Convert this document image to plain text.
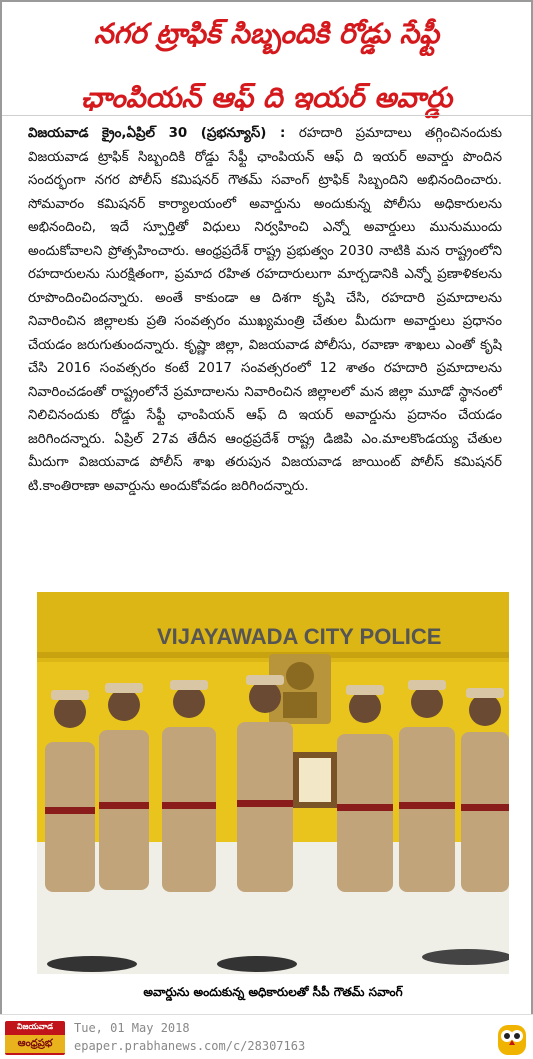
నగర ట్రాఫిక్ సిబ్బందికి రోడ్డు సేఫ్టీ
ఛాంపియన్ ఆఫ్ ది ఇయర్ అవార్డు
విజయవాడ క్రైం,ఏప్రిల్ 30 (ప్రభన్యూస్) : రహదారి ప్రమాదాలు తగ్గించినందుకు విజయవాడ ట్రాఫిక్ సిబ్బందికి రోడ్డు సేఫ్టీ ఛాంపియన్ ఆఫ్ ది ఇయర్ అవార్డు పొందిన సందర్భంగా నగర పోలీస్ కమిషనర్ గౌతమ్ సవాంగ్ ట్రాఫిక్ సిబ్బందిని అభినందించారు. సోమవారం కమిషనర్ కార్యాలయంలో అవార్డును అందుకున్న పోలీసు అధికారులను అభినందించి, ఇదే స్పూర్తితో విధులు నిర్వహించి ఎన్నో అవార్డులు మునుముందు అందుకోవాలని ప్రోత్సహించారు. ఆంధ్రప్రదేశ్ రాష్ట్ర ప్రభుత్వం 2030 నాటికి మన రాష్ట్రంలోని రహదారులను సురక్షితంగా, ప్రమాద రహిత రహదారులుగా మార్చడానికి ఎన్నో ప్రణాళికలను రూపొందించిందన్నారు. అంతే కాకుండా ఆ దిశగా కృషి చేసి, రహదారి ప్రమాదాలను నివారించిన జిల్లాలకు ప్రతి సంవత్సరం ముఖ్యమంత్రి చేతుల మీదుగా అవార్డులు ప్రధానం చేయడం జరుగుతుందన్నారు. కృష్ణా జిల్లా, విజయవాడ పోలీసు, రవాణా శాఖలు ఎంతో కృషి చేసి 2016 సంవత్సరం కంటే 2017 సంవత్సరంలో 12 శాతం రహదారి ప్రమాదాలను నివారించడంతో రాష్ట్రంలోనే ప్రమాదాలను నివారించిన జిల్లాలలో మన జిల్లా మూడో స్థానంలో నిలిచినందుకు రోడ్డు సేఫ్టీ ఛాంపియన్ ఆఫ్ ది ఇయర్ అవార్డును ప్రదానం చేయడం జరిగిందన్నారు. ఏప్రిల్ 27వ తేదీన ఆంధ్రప్రదేశ్ రాష్ట్ర డిజిపి ఎం.మాలకొండయ్య చేతుల మీదుగా విజయవాడ పోలీస్ శాఖ తరుపున విజయవాడ జాయింట్ పోలీస్ కమిషనర్ టి.కాంతిరాణా అవార్డును అందుకోవడం జరిగిందన్నారు.
VIJAYAWADA CITY POLICE
అవార్డును అందుకున్న అధికారులతో సీపీ గౌతమ్ సవాంగ్
విజయవాడ
ఆంధ్రప్రభ
Tue, 01 May 2018
epaper.prabhanews.com/c/28307163
